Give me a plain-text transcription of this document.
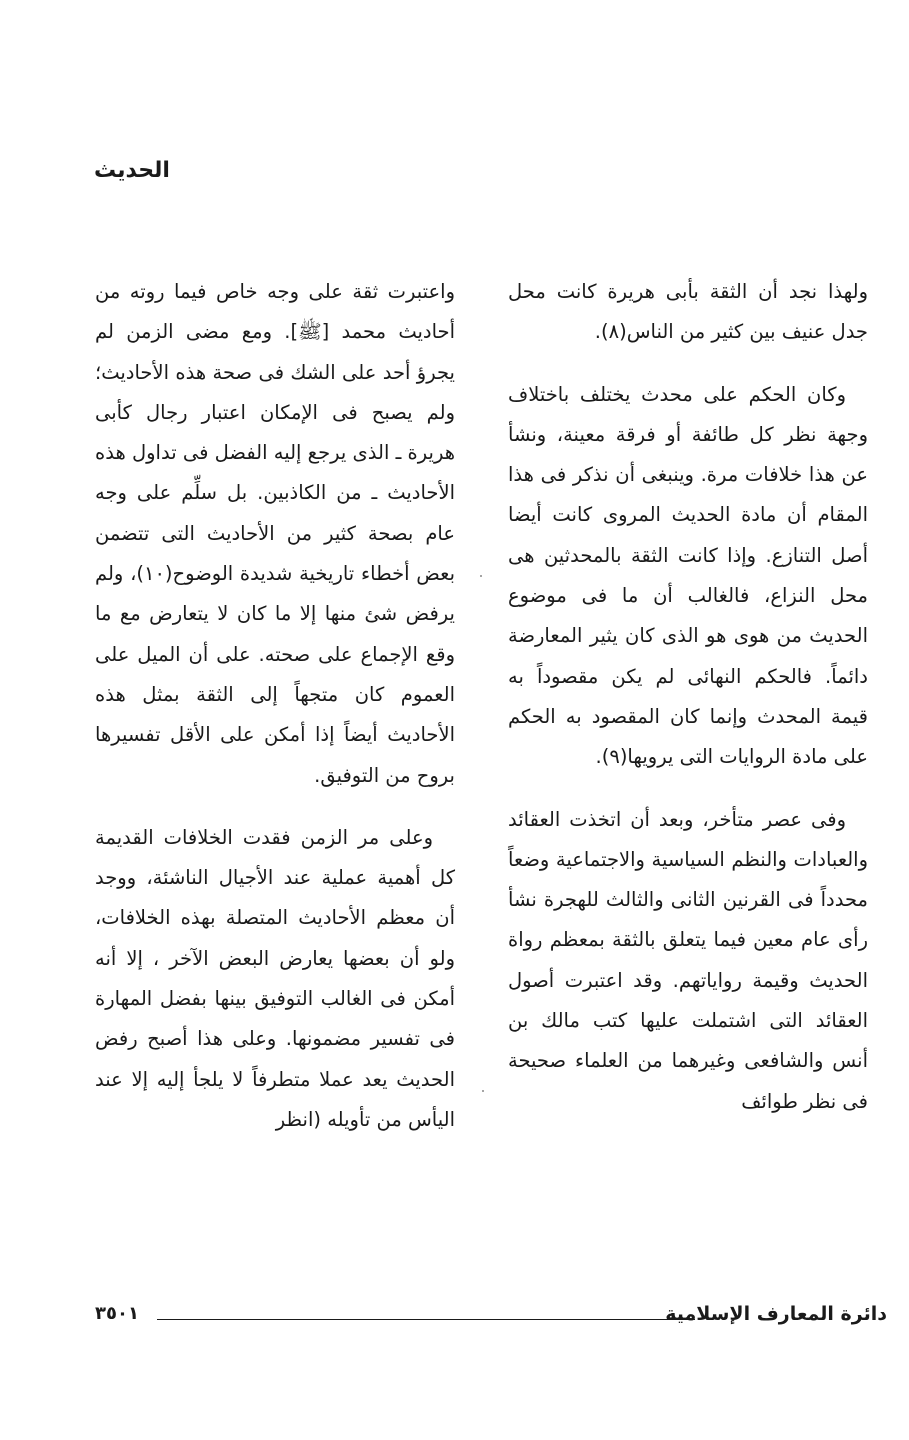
الحديث

ولهذا نجد أن الثقة بأبى هريرة كانت محل جدل عنيف بين كثير من الناس(٨).

وكان الحكم على محدث يختلف باختلاف وجهة نظر كل طائفة أو فرقة معينة، ونشأ عن هذا خلافات مرة. وينبغى أن نذكر فى هذا المقام أن مادة الحديث المروى كانت أيضا أصل التنازع. وإذا كانت الثقة بالمحدثين هى محل النزاع، فالغالب أن ما فى موضوع الحديث من هوى هو الذى كان يثير المعارضة دائماً. فالحكم النهائى لم يكن مقصوداً به قيمة المحدث وإنما كان المقصود به الحكم على مادة الروايات التى يرويها(٩).

وفى عصر متأخر، وبعد أن اتخذت العقائد والعبادات والنظم السياسية والاجتماعية وضعاً محدداً فى القرنين الثانى والثالث للهجرة نشأ رأى عام معين فيما يتعلق بالثقة بمعظم رواة الحديث وقيمة رواياتهم. وقد اعتبرت أصول العقائد التى اشتملت عليها كتب مالك بن أنس والشافعى وغيرهما من العلماء صحيحة فى نظر طوائف

واعتبرت ثقة على وجه خاص فيما روته من أحاديث محمد [ﷺ]. ومع مضى الزمن لم يجرؤ أحد على الشك فى صحة هذه الأحاديث؛ ولم يصبح فى الإمكان اعتبار رجال كأبى هريرة ـ الذى يرجع إليه الفضل فى تداول هذه الأحاديث ـ من الكاذبين. بل سلِّم على وجه عام بصحة كثير من الأحاديث التى تتضمن بعض أخطاء تاريخية شديدة الوضوح(١٠)، ولم يرفض شئ منها إلا ما كان لا يتعارض مع ما وقع الإجماع على صحته. على أن الميل على العموم كان متجهاً إلى الثقة بمثل هذه الأحاديث أيضاً إذا أمكن على الأقل تفسيرها بروح من التوفيق.

وعلى مر الزمن فقدت الخلافات القديمة كل أهمية عملية عند الأجيال الناشئة، ووجد أن معظم الأحاديث المتصلة بهذه الخلافات، ولو أن بعضها يعارض البعض الآخر ، إلا أنه أمكن فى الغالب التوفيق بينها بفضل المهارة فى تفسير مضمونها. وعلى هذا أصبح رفض الحديث يعد عملا متطرفاً لا يلجأ إليه إلا عند اليأس من تأويله (انظر

دائرة المعارف الإسلامية
٣٥٠١
